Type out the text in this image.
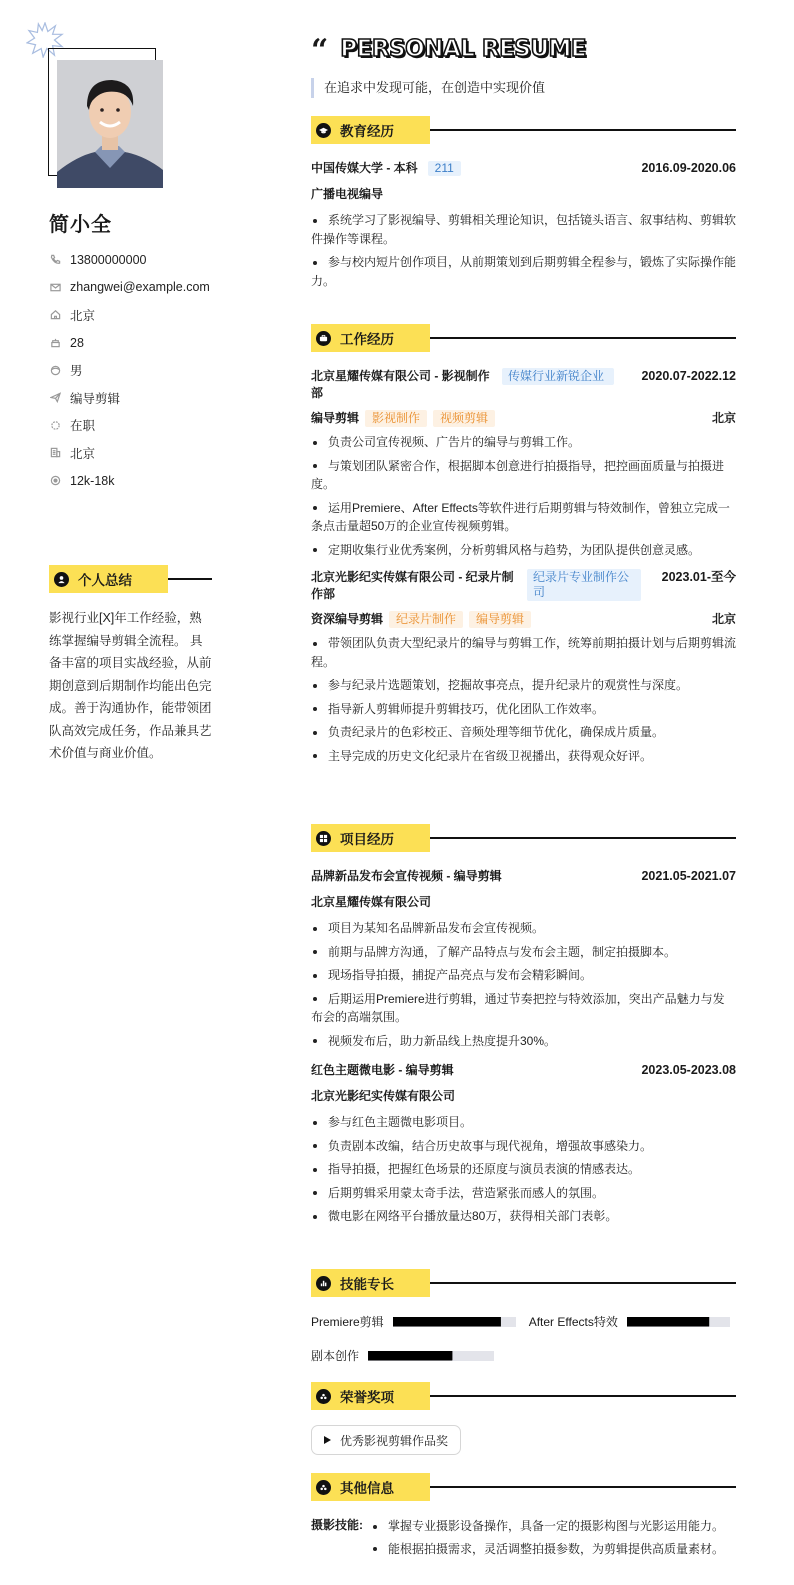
简小全
13800000000
zhangwei@example.com
北京
28
男
编导剪辑
在职
北京
12k-18k
个人总结

影视行业[X]年工作经验，熟练掌握编导剪辑全流程。 具备丰富的项目实战经验，从前期创意到后期制作均能出色完成。善于沟通协作，能带领团队高效完成任务，作品兼具艺术价值与商业价值。

“ PERSONAL RESUME
在追求中发现可能，在创造中实现价值
教育经历
中国传媒大学 - 本科	211	2016.09-2020.06
广播电视编导
系统学习了影视编导、剪辑相关理论知识，包括镜头语言、叙事结构、剪辑软件操作等课程。
参与校内短片创作项目，从前期策划到后期剪辑全程参与，锻炼了实际操作能力。
工作经历
北京星耀传媒有限公司 - 影视制作部
传媒行业新锐企业	2020.07-2022.12
编导剪辑	影视制作	视频剪辑	北京
负责公司宣传视频、广告片的编导与剪辑工作。
与策划团队紧密合作，根据脚本创意进行拍摄指导，把控画面质量与拍摄进度。
运用Premiere、After Effects等软件进行后期剪辑与特效制作，曾独立完成一条点击量超50万的企业宣传视频剪辑。
定期收集行业优秀案例，分析剪辑风格与趋势，为团队提供创意灵感。
北京光影纪实传媒有限公司 - 纪录片制作部
纪录片专业制作公司
2023.01-至今
资深编导剪辑	纪录片制作	编导剪辑	北京
带领团队负责大型纪录片的编导与剪辑工作，统筹前期拍摄计划与后期剪辑流程。
参与纪录片选题策划，挖掘故事亮点，提升纪录片的观赏性与深度。
指导新人剪辑师提升剪辑技巧，优化团队工作效率。
负责纪录片的色彩校正、音频处理等细节优化，确保成片质量。
主导完成的历史文化纪录片在省级卫视播出，获得观众好评。
项目经历
品牌新品发布会宣传视频 - 编导剪辑	2021.05-2021.07
北京星耀传媒有限公司
项目为某知名品牌新品发布会宣传视频。
前期与品牌方沟通，了解产品特点与发布会主题，制定拍摄脚本。
现场指导拍摄，捕捉产品亮点与发布会精彩瞬间。
后期运用Premiere进行剪辑，通过节奏把控与特效添加，突出产品魅力与发布会的高端氛围。
视频发布后，助力新品线上热度提升30%。
红色主题微电影 - 编导剪辑	2023.05-2023.08
北京光影纪实传媒有限公司
参与红色主题微电影项目。
负责剧本改编，结合历史故事与现代视角，增强故事感染力。
指导拍摄，把握红色场景的还原度与演员表演的情感表达。
后期剪辑采用蒙太奇手法，营造紧张而感人的氛围。
微电影在网络平台播放量达80万，获得相关部门表彰。
技能专长
Premiere剪辑	After Effects特效
剧本创作
荣誉奖项
优秀影视剪辑作品奖
其他信息
摄影技能:	掌握专业摄影设备操作，具备一定的摄影构图与光影运用能力。
能根据拍摄需求，灵活调整拍摄参数，为剪辑提供高质量素材。
